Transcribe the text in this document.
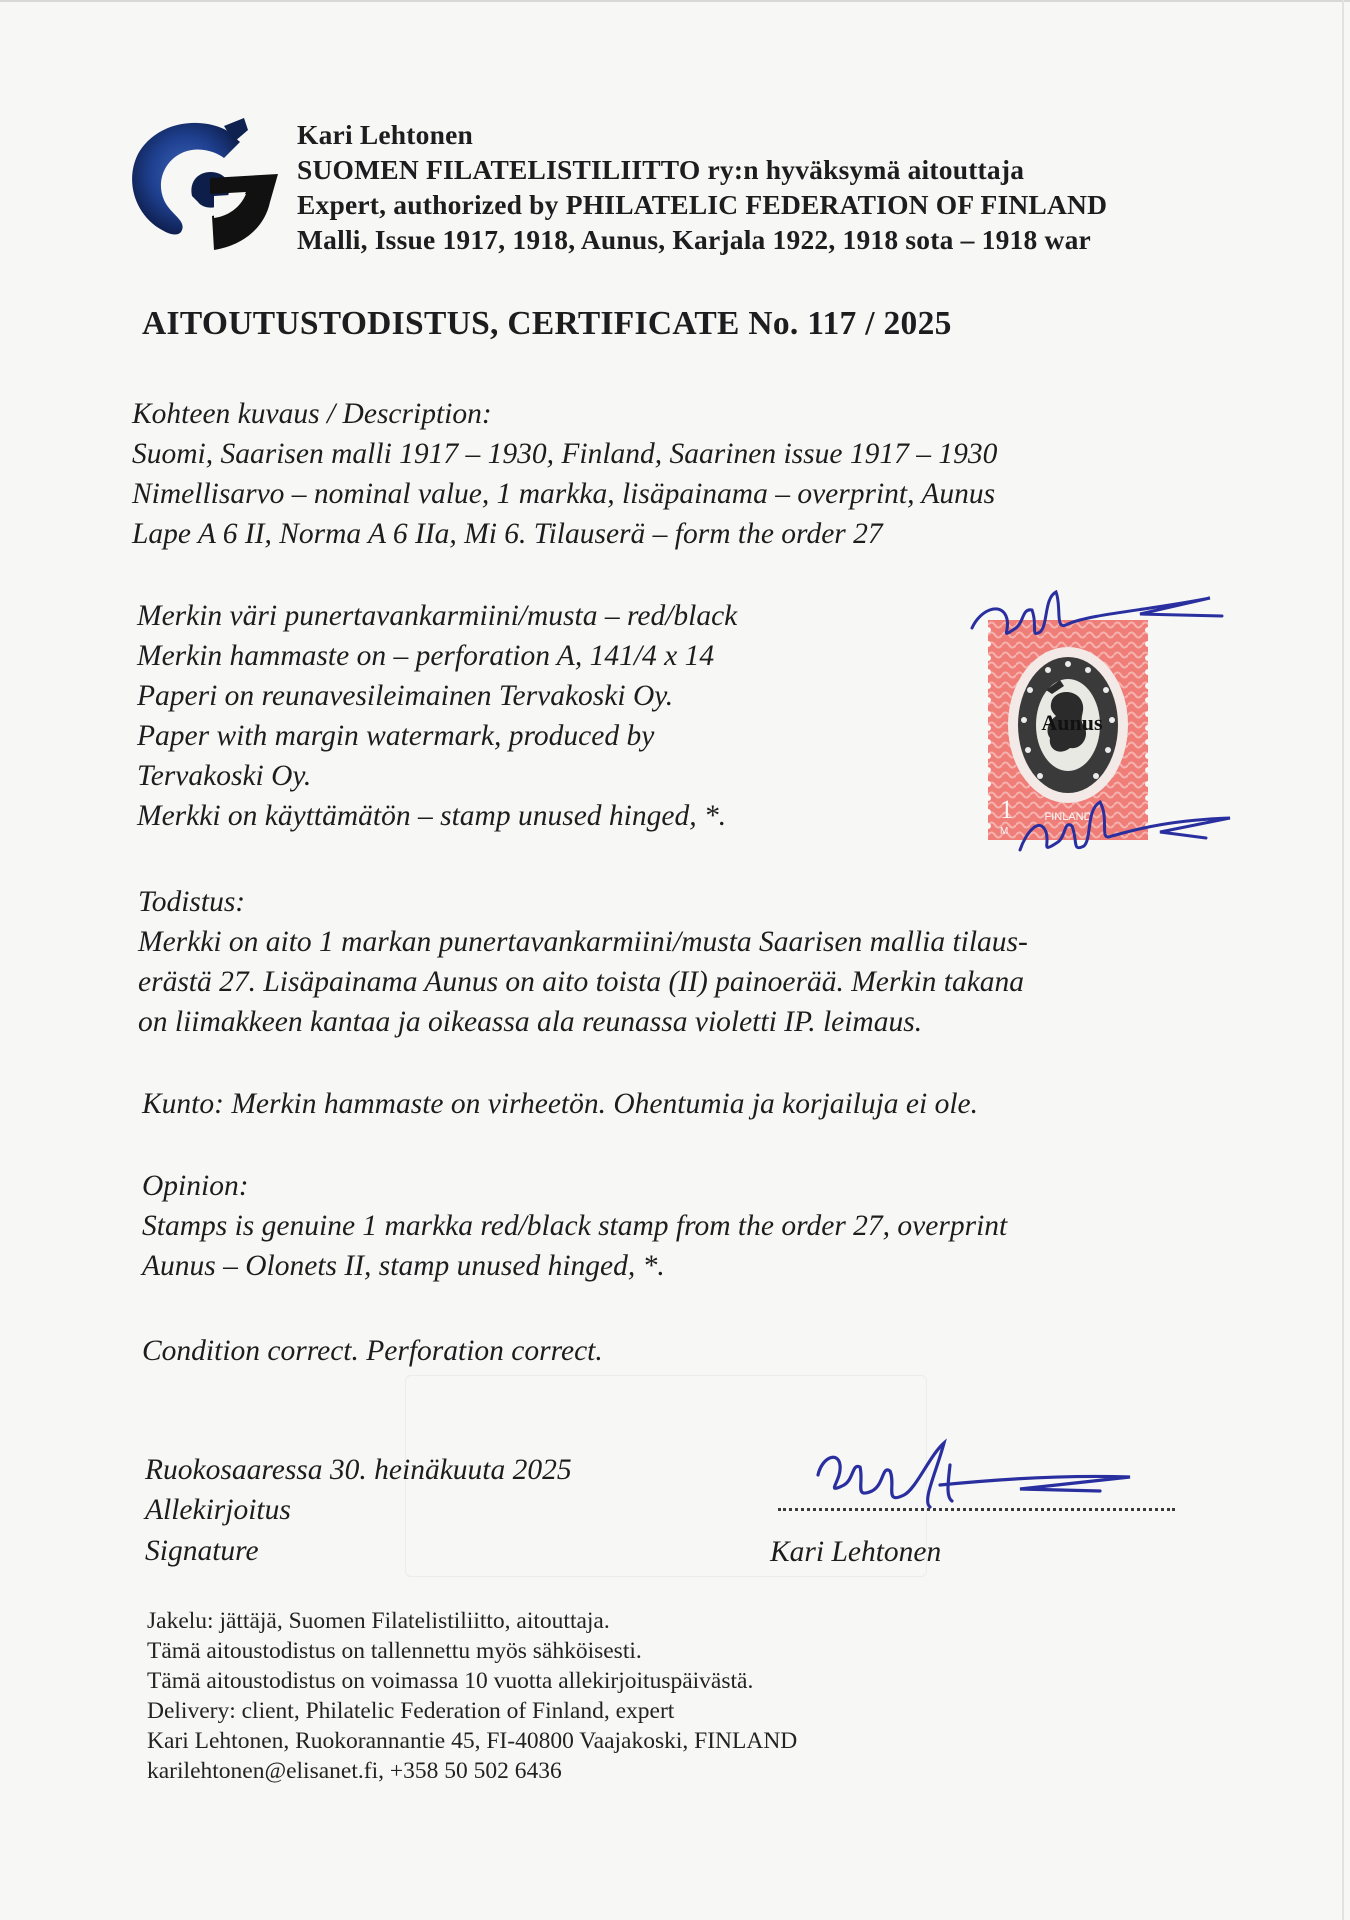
Kari Lehtonen
SUOMEN FILATELISTILIITTO ry:n hyväksymä aitouttaja
Expert, authorized by PHILATELIC FEDERATION OF FINLAND
Malli, Issue 1917, 1918, Aunus, Karjala 1922, 1918 sota – 1918 war
AITOUTUSTODISTUS, CERTIFICATE No. 117 / 2025
Kohteen kuvaus / Description:
Suomi, Saarisen malli 1917 – 1930, Finland, Saarinen issue 1917 – 1930
Nimellisarvo – nominal value, 1 markka, lisäpainama – overprint, Aunus
Lape A 6 II, Norma A 6 IIa, Mi 6. Tilauserä – form the order 27
Merkin väri punertavankarmiini/musta – red/black
Merkin hammaste on – perforation A, 141/4 x 14
Paperi on reunavesileimainen Tervakoski Oy.
Paper with margin watermark, produced by
Tervakoski Oy.
Merkki on käyttämätön – stamp unused hinged, *.
Aunus
1
M
FINLAND
Todistus:
Merkki on aito 1 markan punertavankarmiini/musta Saarisen mallia tilaus-
erästä 27. Lisäpainama Aunus on aito toista (II) painoerää. Merkin takana
on liimakkeen kantaa ja oikeassa ala reunassa violetti IP. leimaus.
Kunto: Merkin hammaste on virheetön. Ohentumia ja korjailuja ei ole.
Opinion:
Stamps is genuine 1 markka red/black stamp from the order 27, overprint
Aunus – Olonets II, stamp unused hinged, *.
Condition correct. Perforation correct.
Ruokosaaressa 30. heinäkuuta 2025
Allekirjoitus
Signature	Kari Lehtonen
Jakelu: jättäjä, Suomen Filatelistiliitto, aitouttaja.
Tämä aitoustodistus on tallennettu myös sähköisesti.
Tämä aitoustodistus on voimassa 10 vuotta allekirjoituspäivästä.
Delivery: client, Philatelic Federation of Finland, expert
Kari Lehtonen, Ruokorannantie 45, FI-40800 Vaajakoski, FINLAND
karilehtonen@elisanet.fi, +358 50 502 6436
